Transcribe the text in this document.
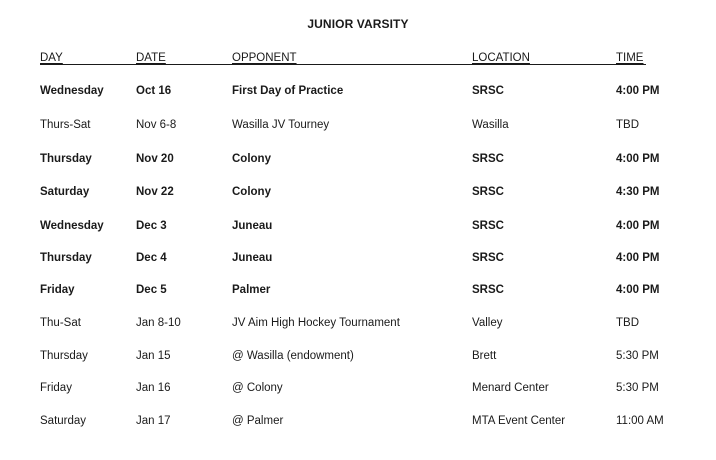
JUNIOR VARSITY
DAY	DATE	OPPONENT	LOCATION	TIME
Wednesday	Oct 16	First Day of Practice	SRSC	4:00 PM
Thurs-Sat	Nov 6-8	Wasilla JV Tourney	Wasilla	TBD
Thursday	Nov 20	Colony	SRSC	4:00 PM
Saturday	Nov 22	Colony	SRSC	4:30 PM
Wednesday	Dec 3	Juneau	SRSC	4:00 PM
Thursday	Dec 4	Juneau	SRSC	4:00 PM
Friday	Dec 5	Palmer	SRSC	4:00 PM
Thu-Sat	Jan 8-10	JV Aim High Hockey Tournament	Valley	TBD
Thursday	Jan 15	@ Wasilla (endowment)	Brett	5:30 PM
Friday	Jan 16	@ Colony	Menard Center	5:30 PM
Saturday	Jan 17	@ Palmer	MTA Event Center	11:00 AM
